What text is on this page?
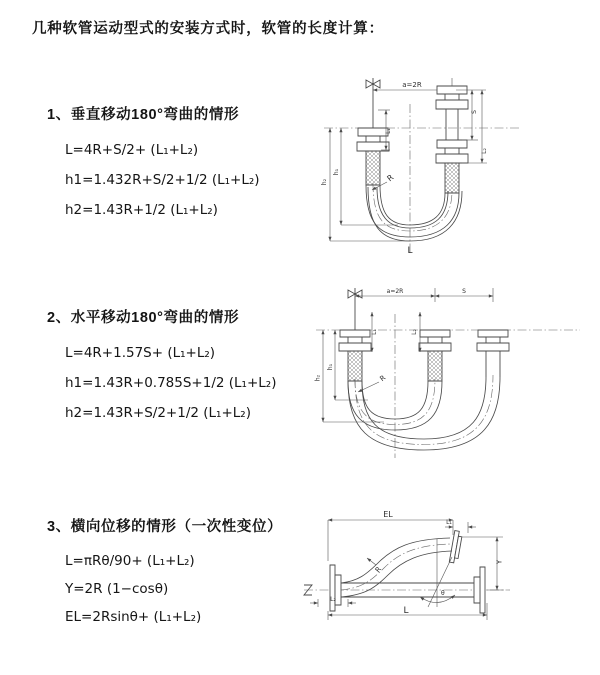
几种软管运动型式的安装方式时，软管的长度计算：
1、垂直移动180°弯曲的情形
L=4R+S/2+ (L₁+L₂)
h1=1.432R+S/2+1/2 (L₁+L₂)
h2=1.43R+1/2 (L₁+L₂)
2、水平移动180°弯曲的情形
L=4R+1.57S+ (L₁+L₂)
h1=1.43R+0.785S+1/2 (L₁+L₂)
h2=1.43R+S/2+1/2 (L₁+L₂)
3、横向位移的情形（一次性变位）
L=πRθ/90+ (L₁+L₂)
Y=2R (1−cosθ)
EL=2Rsinθ+ (L₁+L₂)
a=2R
L₁
S
L₂
h₁
h₂	R
L
a=2R	S
L₁	L₂
h₁
h₂	R
EL
L₁
Y
R
θ
L₂
L
